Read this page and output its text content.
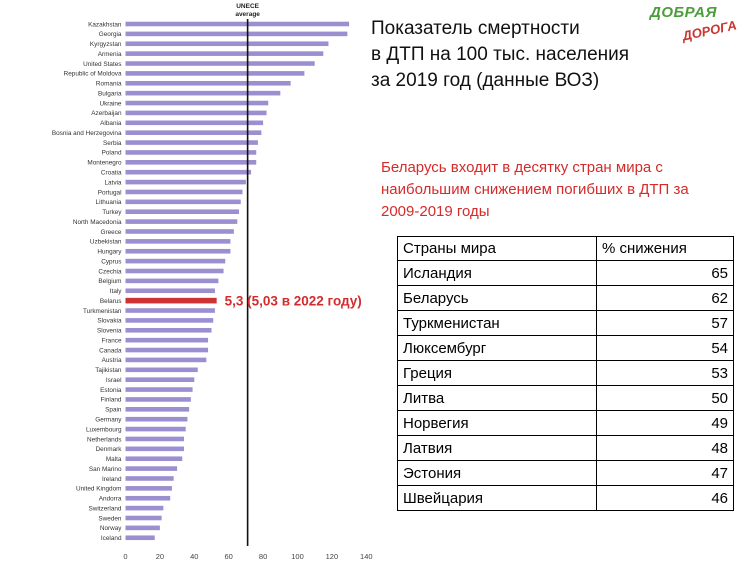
Kazakhstan
Georgia
Kyrgyzstan
Armenia
United States
Republic of Moldova
Romania
Bulgaria
Ukraine
Azerbaijan
Albania
Bosnia and Herzegovina
Serbia
Poland
Montenegro
Croatia
Latvia
Portugal
Lithuania
Turkey
North Macedonia
Greece
Uzbekistan
Hungary
Cyprus
Czechia
Belgium
Italy
Belarus
Turkmenistan
Slovakia
Slovenia
France
Canada
Austria
Tajikistan
Israel
Estonia
Finland
Spain
Germany
Luxembourg
Netherlands
Denmark
Malta
San Marino
Ireland
United Kingdom
Andorra
Switzerland
Sweden
Norway
Iceland
0	20	40	60	80	100	120	140
UNECE
average
5,3 (5,03 в 2022 году)
Показатель смертности
в ДТП на 100 тыс. населения
за 2019 год (данные ВОЗ)
ДОБРАЯ
ДОРОГА
Беларусь входит в десятку стран мира с
наибольшим снижением погибших в ДТП за
2009-2019 годы
Страны мира	% снижения
Исландия	65
Беларусь	62
Туркменистан	57
Люксембург	54
Греция	53
Литва	50
Норвегия	49
Латвия	48
Эстония	47
Швейцария	46
